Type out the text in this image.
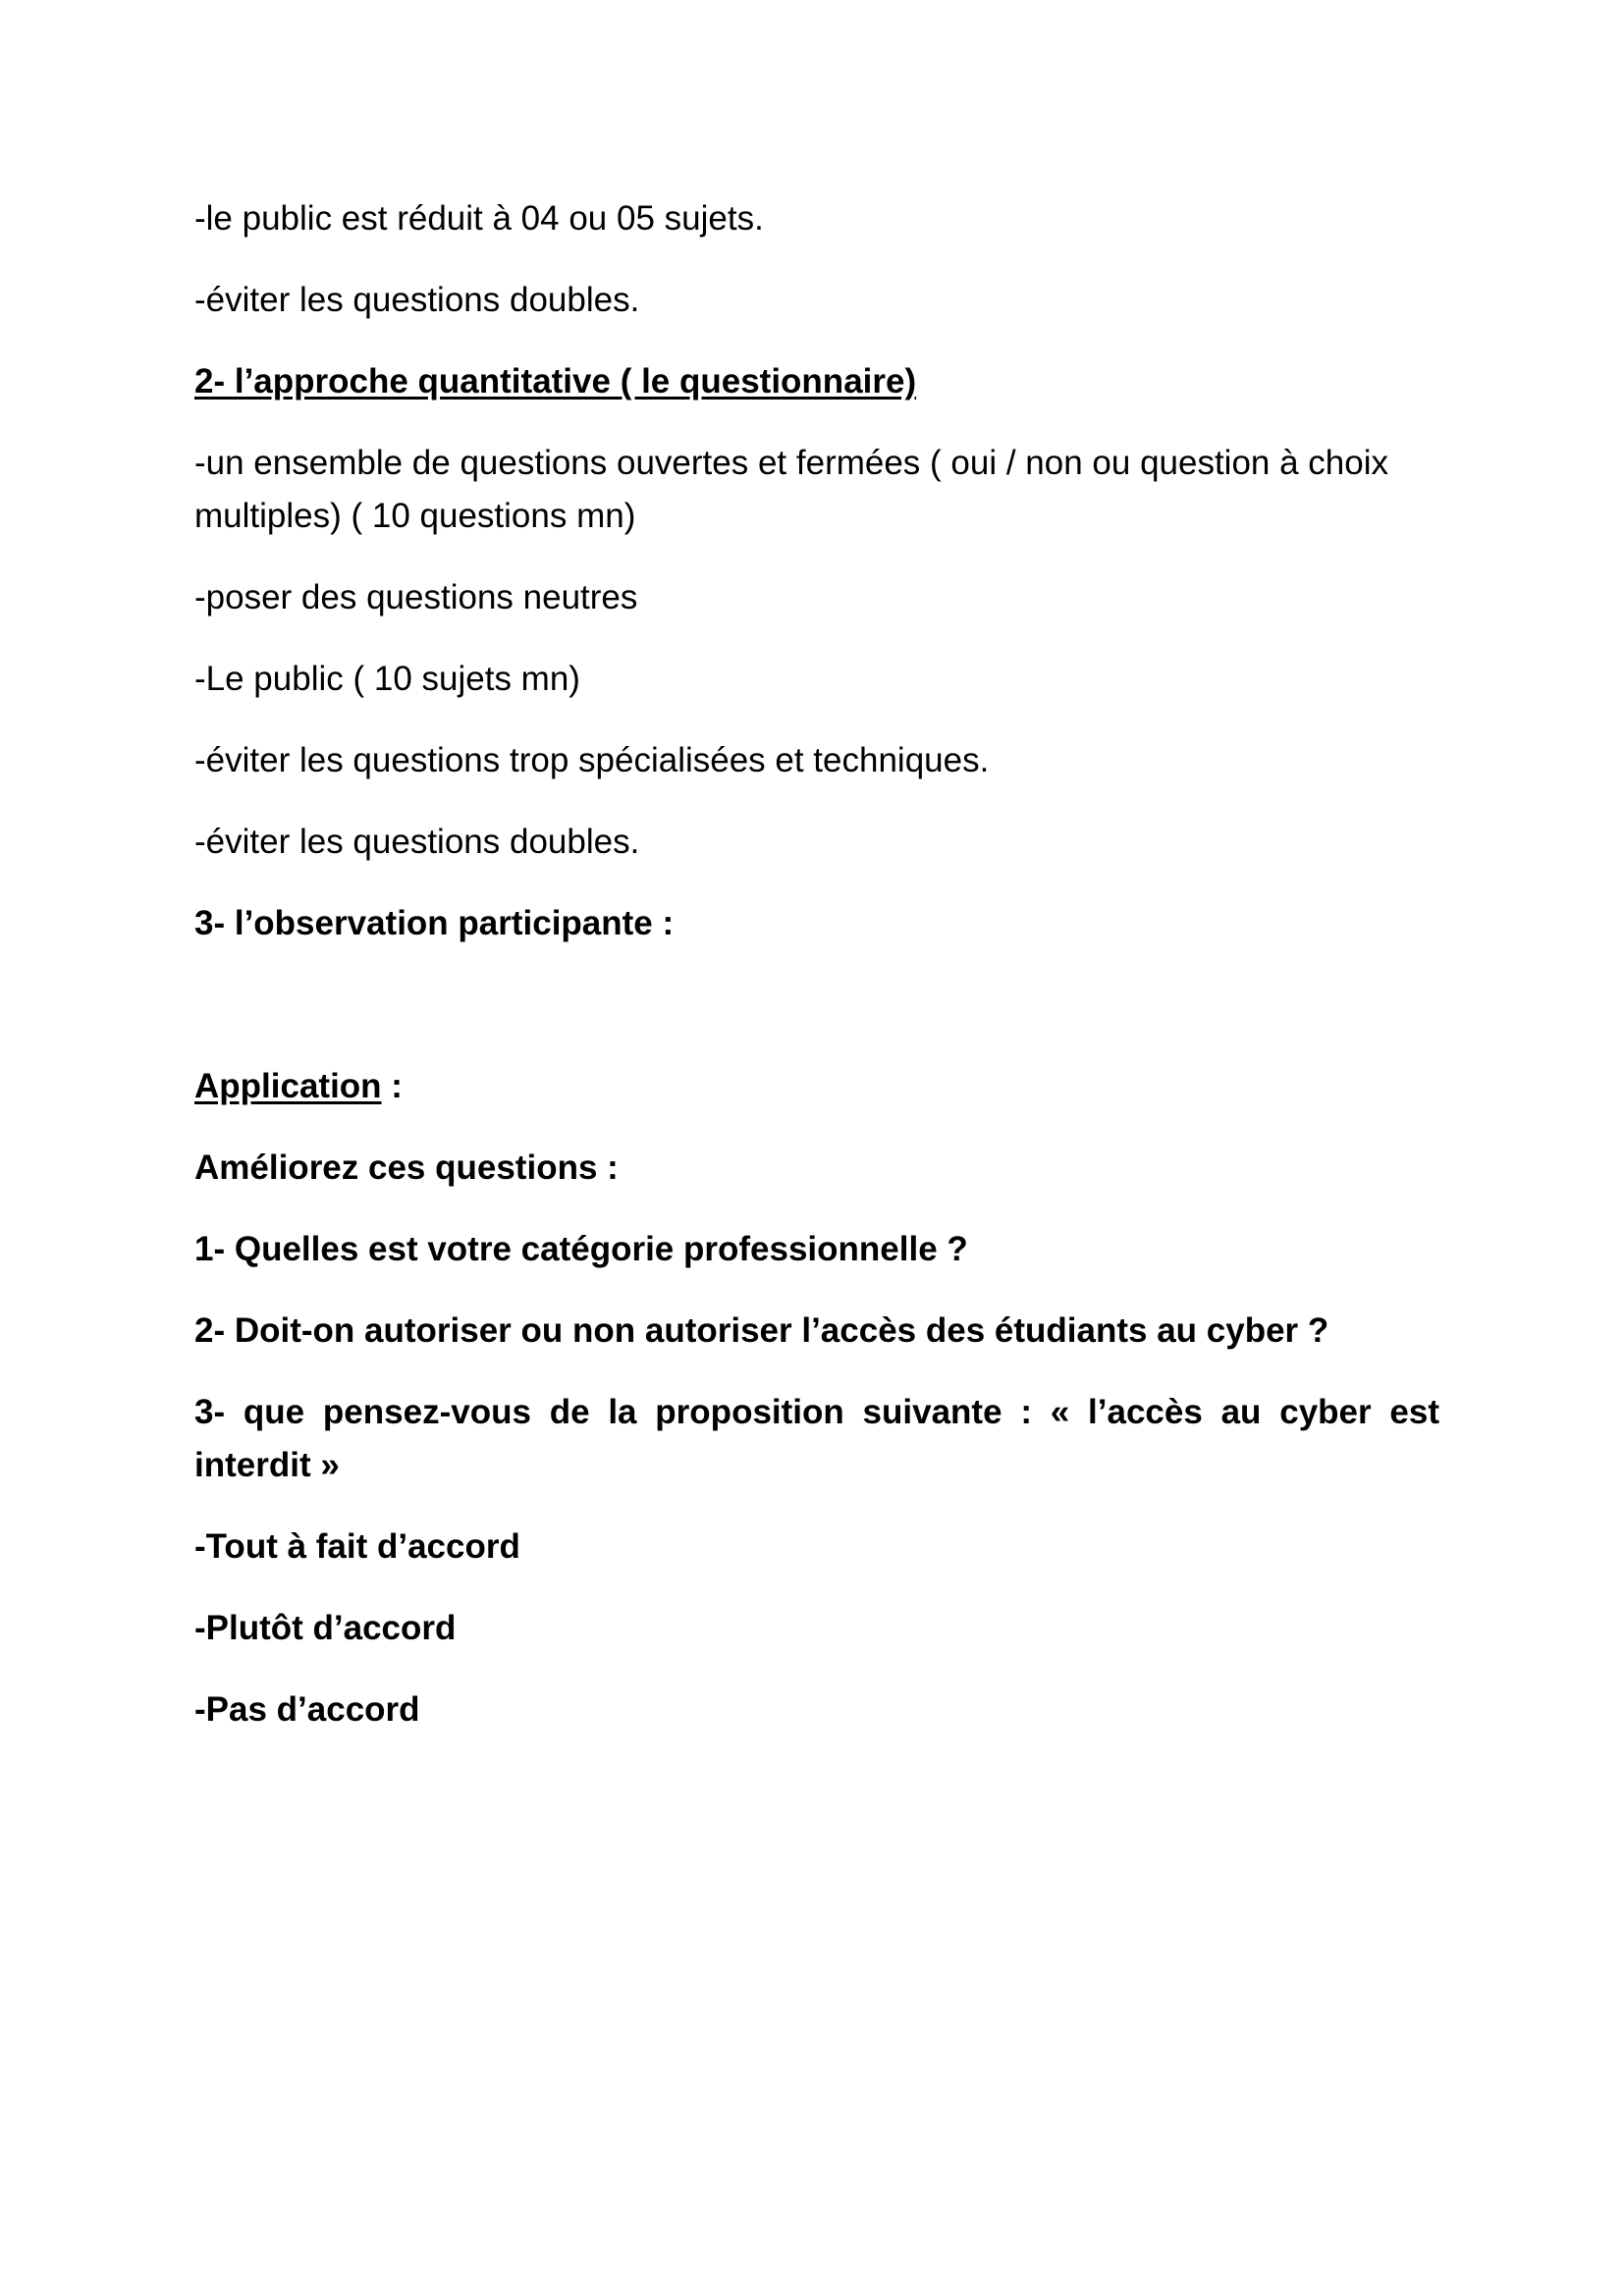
-le public est réduit à 04 ou 05 sujets.

-éviter les questions doubles.

2- l’approche quantitative ( le questionnaire)

-un ensemble de questions ouvertes et fermées ( oui / non ou question à choix multiples) ( 10 questions mn)

-poser des questions neutres

-Le public ( 10 sujets mn)

-éviter les questions trop spécialisées et techniques.

-éviter les questions doubles.

3- l’observation participante :

Application :

Améliorez ces questions :

1- Quelles est votre catégorie professionnelle ?

2- Doit-on autoriser ou non autoriser l’accès des étudiants au cyber ?

3- que pensez-vous de la proposition suivante : « l’accès au cyber est interdit »

-Tout à fait d’accord

-Plutôt d’accord

-Pas d’accord
